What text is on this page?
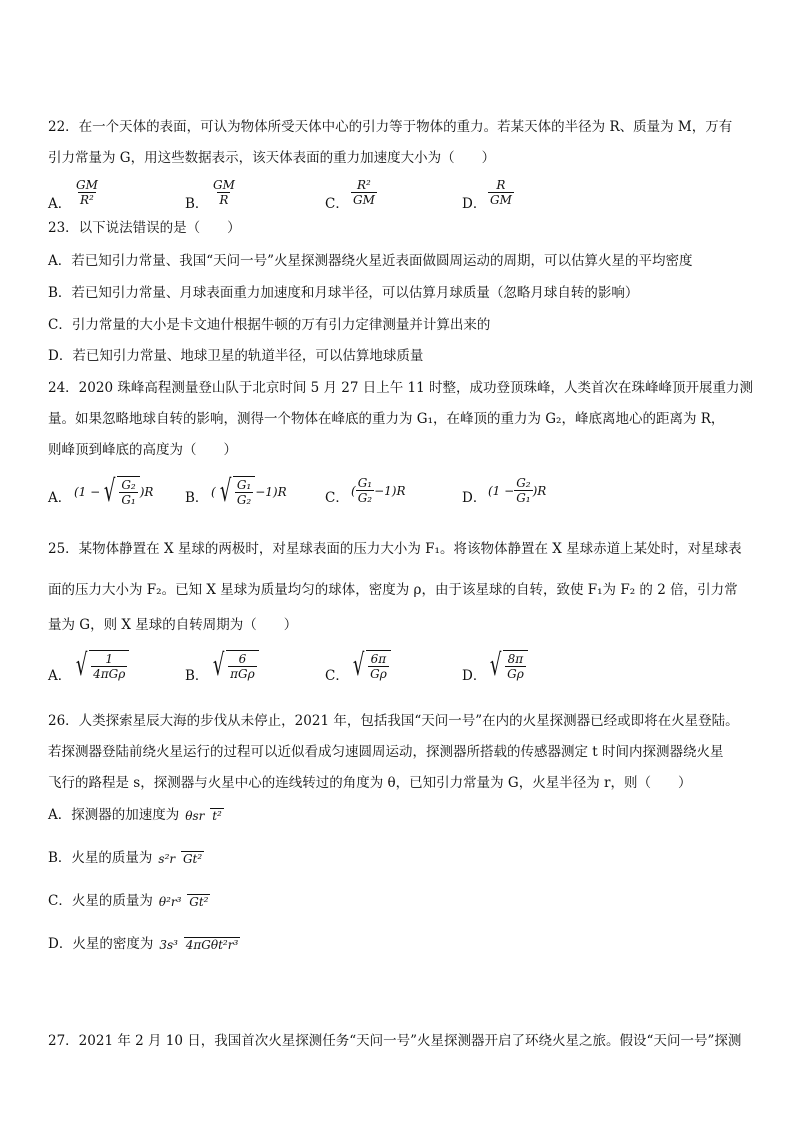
22．在一个天体的表面，可认为物体所受天体中心的引力等于物体的重力。若某天体的半径为 R、质量为 M，万有
引力常量为 G，用这些数据表示，该天体表面的重力加速度大小为（　　）
A． $\frac{GM}{\text{R²}}$	B． $\frac{GM}{R}$	C． $\frac{\text{R²}}{GM}$	D． $\frac{R}{GM}$
23．以下说法错误的是（　　）
A．若已知引力常量、我国“天问一号”火星探测器绕火星近表面做圆周运动的周期，可以估算火星的平均密度
B．若已知引力常量、月球表面重力加速度和月球半径，可以估算月球质量（忽略月球自转的影响）
C．引力常量的大小是卡文迪什根据牛顿的万有引力定律测量并计算出来的
D．若已知引力常量、地球卫星的轨道半径，可以估算地球质量
24．2020 珠峰高程测量登山队于北京时间 5 月 27 日上午 11 时整，成功登顶珠峰，人类首次在珠峰峰顶开展重力测
量。如果忽略地球自转的影响，测得一个物体在峰底的重力为 G₁，在峰顶的重力为 G₂，峰底离地心的距离为 R，
则峰顶到峰底的高度为（　　）
A． (1 − √ $\frac{\text{G₂}}{\text{G₁}} )R$ B． ( √ $\frac{\text{G₁}}{\text{G₂}} -1)R$	C． ( $\frac{\text{G₁}}{\text{G₂}} -1)R$	D． $(1 - \frac{\text{G₂}}{\text{G₁}} )R$
25．某物体静置在 X 星球的两极时，对星球表面的压力大小为 F₁。将该物体静置在 X 星球赤道上某处时，对星球表
面的压力大小为 F₂。已知 X 星球为质量均匀的球体，密度为 ρ，由于该星球的自转，致使 F₁为 F₂ 的 2 倍，引力常
量为 G，则 X 星球的自转周期为（　　）
A． √ $\frac{1}{\text{4πGρ}}$	B． √ $\frac{6}{\text{πGρ}}$	C． √ $\frac{6\pi}{G\rho}$	D． √ $\frac{8\pi}{G\rho}$
26．人类探索星辰大海的步伐从未停止，2021 年，包括我国“天问一号”在内的火星探测器已经或即将在火星登陆。
若探测器登陆前绕火星运行的过程可以近似看成匀速圆周运动，探测器所搭载的传感器测定 t 时间内探测器绕火星
飞行的路程是 s，探测器与火星中心的连线转过的角度为 θ，已知引力常量为 G，火星半径为 r，则（　　）
A．探测器的加速度为 θsr t²
B．火星的质量为 s²r Gt²
C．火星的质量为 θ²r³ Gt²
D．火星的密度为 3s³ 4πGθt²r³
27．2021 年 2 月 10 日，我国首次火星探测任务“天问一号”火星探测器开启了环绕火星之旅。假设“天问一号”探测
